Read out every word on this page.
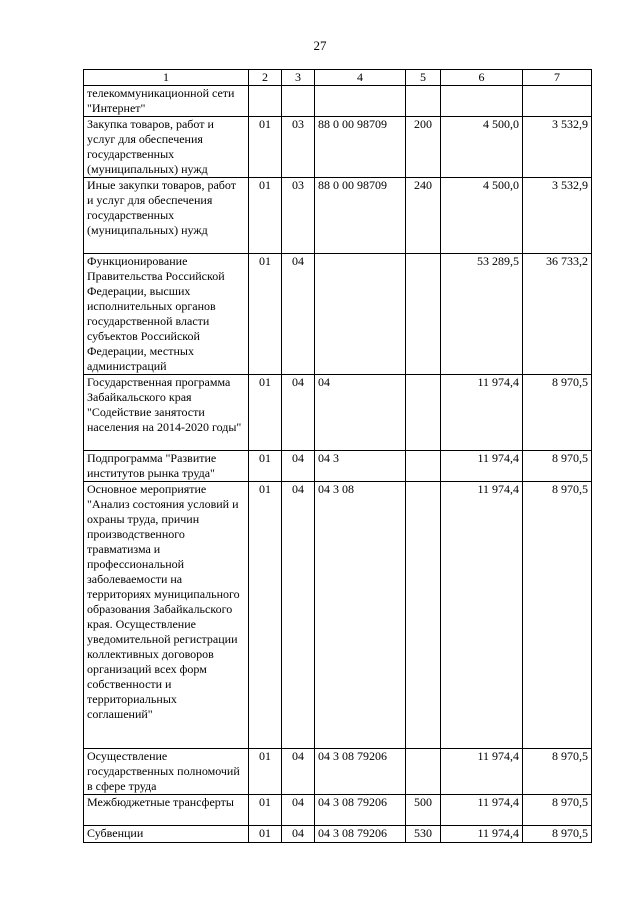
27
1	2	3	4	5	6	7
телекоммуникационной сети "Интернет"						
Закупка товаров, работ и услуг для обеспечения государственных (муниципальных) нужд	01	03	88 0 00 98709	200	4 500,0	3 532,9
Иные закупки товаров, работ и услуг для обеспечения государственных (муниципальных) нужд	01	03	88 0 00 98709	240	4 500,0	3 532,9
Функционирование Правительства Российской Федерации, высших исполнительных органов государственной власти субъектов Российской Федерации, местных администраций	01	04			53 289,5	36 733,2
Государственная программа Забайкальского края "Содействие занятости населения на 2014-2020 годы"	01	04	04		11 974,4	8 970,5
Подпрограмма "Развитие институтов рынка труда"	01	04	04 3		11 974,4	8 970,5
Основное мероприятие "Анализ состояния условий и охраны труда, причин производственного травматизма и профессиональной заболеваемости на территориях муниципального образования Забайкальского края. Осуществление уведомительной регистрации коллективных договоров организаций всех форм собственности и территориальных соглашений"	01	04	04 3 08		11 974,4	8 970,5
Осуществление государственных полномочий в сфере труда	01	04	04 3 08 79206		11 974,4	8 970,5
Межбюджетные трансферты	01	04	04 3 08 79206	500	11 974,4	8 970,5
Субвенции	01	04	04 3 08 79206	530	11 974,4	8 970,5
